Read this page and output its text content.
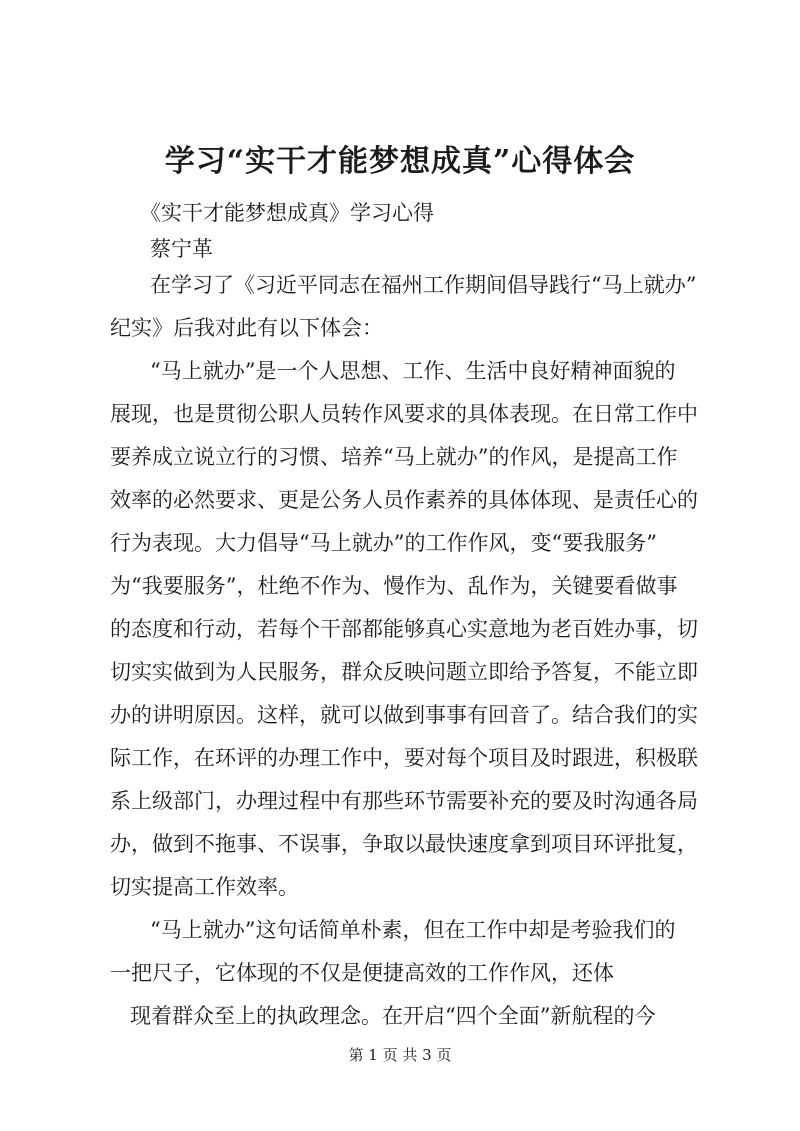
学习“实干才能梦想成真”心得体会

《实干才能梦想成真》学习心得

蔡宁革

在学习了《习近平同志在福州工作期间倡导践行“马上就办”

纪实》后我对此有以下体会：

“马上就办”是一个人思想、工作、生活中良好精神面貌的

展现，也是贯彻公职人员转作风要求的具体表现。在日常工作中

要养成立说立行的习惯、培养“马上就办”的作风，是提高工作

效率的必然要求、更是公务人员作素养的具体体现、是责任心的

行为表现。大力倡导“马上就办”的工作作风，变“要我服务”

为“我要服务”，杜绝不作为、慢作为、乱作为，关键要看做事

的态度和行动，若每个干部都能够真心实意地为老百姓办事，切

切实实做到为人民服务，群众反映问题立即给予答复，不能立即

办的讲明原因。这样，就可以做到事事有回音了。结合我们的实

际工作，在环评的办理工作中，要对每个项目及时跟进，积极联

系上级部门，办理过程中有那些环节需要补充的要及时沟通各局

办，做到不拖事、不误事，争取以最快速度拿到项目环评批复，

切实提高工作效率。

“马上就办”这句话简单朴素，但在工作中却是考验我们的

一把尺子，它体现的不仅是便捷高效的工作作风，还体

现着群众至上的执政理念。在开启“四个全面”新航程的今

第 1 页 共 3 页
